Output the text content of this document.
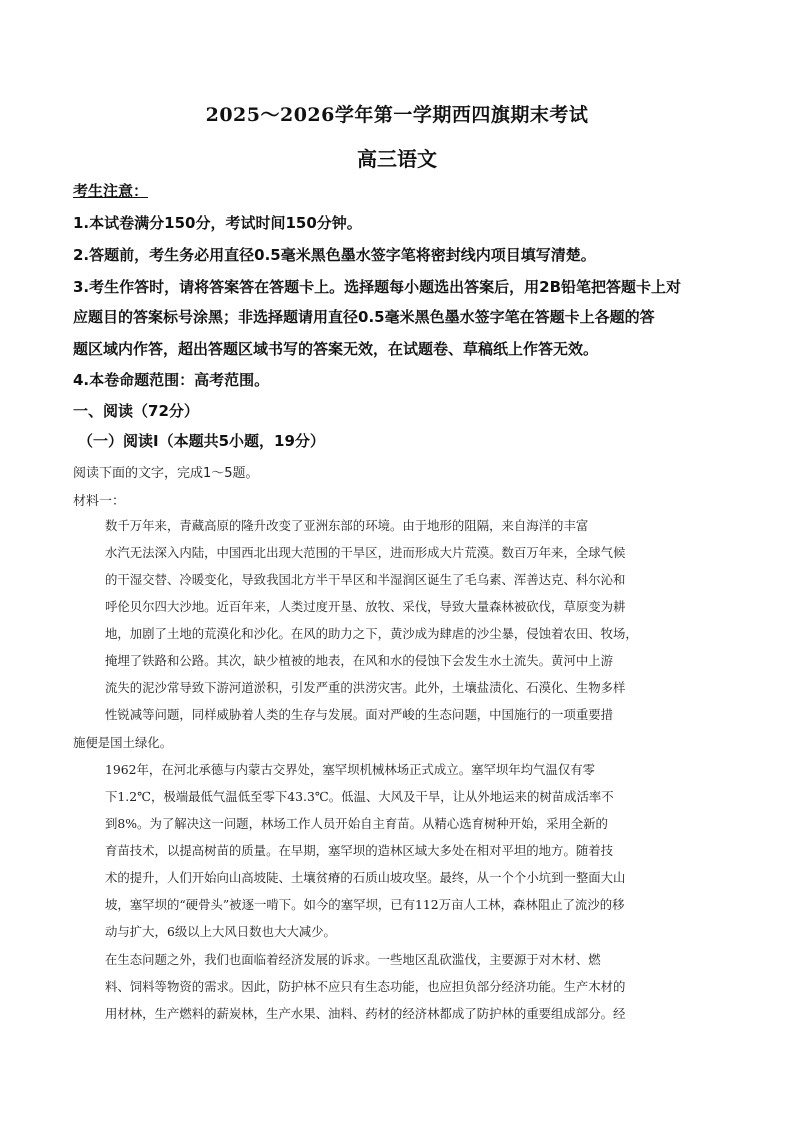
2025～2026学年第一学期西四旗期末考试
高三语文
考生注意：
1.本试卷满分150分，考试时间150分钟。
2.答题前，考生务必用直径0.5毫米黑色墨水签字笔将密封线内项目填写清楚。
3.考生作答时，请将答案答在答题卡上。选择题每小题选出答案后，用2B铅笔把答题卡上对
应题目的答案标号涂黑；非选择题请用直径0.5毫米黑色墨水签字笔在答题卡上各题的答
题区域内作答，超出答题区域书写的答案无效，在试题卷、草稿纸上作答无效。
4.本卷命题范围：高考范围。
一、阅读（72分）
（一）阅读Ⅰ（本题共5小题，19分）
阅读下面的文字，完成1～5题。
材料一：
数千万年来，青藏高原的隆升改变了亚洲东部的环境。由于地形的阻隔，来自海洋的丰富
水汽无法深入内陆，中国西北出现大范围的干旱区，进而形成大片荒漠。数百万年来，全球气候
的干湿交替、冷暖变化，导致我国北方半干旱区和半湿润区诞生了毛乌素、浑善达克、科尔沁和
呼伦贝尔四大沙地。近百年来，人类过度开垦、放牧、采伐，导致大量森林被砍伐，草原变为耕
地，加剧了土地的荒漠化和沙化。在风的助力之下，黄沙成为肆虐的沙尘暴，侵蚀着农田、牧场，
掩埋了铁路和公路。其次，缺少植被的地表，在风和水的侵蚀下会发生水土流失。黄河中上游
流失的泥沙常导致下游河道淤积，引发严重的洪涝灾害。此外，土壤盐渍化、石漠化、生物多样
性锐减等问题，同样威胁着人类的生存与发展。面对严峻的生态问题，中国施行的一项重要措
施便是国土绿化。
1962年，在河北承德与内蒙古交界处，塞罕坝机械林场正式成立。塞罕坝年均气温仅有零
下1.2℃，极端最低气温低至零下43.3℃。低温、大风及干旱，让从外地运来的树苗成活率不
到8%。为了解决这一问题，林场工作人员开始自主育苗。从精心选育树种开始，采用全新的
育苗技术，以提高树苗的质量。在早期，塞罕坝的造林区域大多处在相对平坦的地方。随着技
术的提升，人们开始向山高坡陡、土壤贫瘠的石质山坡攻坚。最终，从一个个小坑到一整面大山
坡，塞罕坝的“硬骨头”被逐一啃下。如今的塞罕坝，已有112万亩人工林，森林阻止了流沙的移
动与扩大，6级以上大风日数也大大减少。
在生态问题之外，我们也面临着经济发展的诉求。一些地区乱砍滥伐，主要源于对木材、燃
料、饲料等物资的需求。因此，防护林不应只有生态功能，也应担负部分经济功能。生产木材的
用材林，生产燃料的薪炭林，生产水果、油料、药材的经济林都成了防护林的重要组成部分。经
